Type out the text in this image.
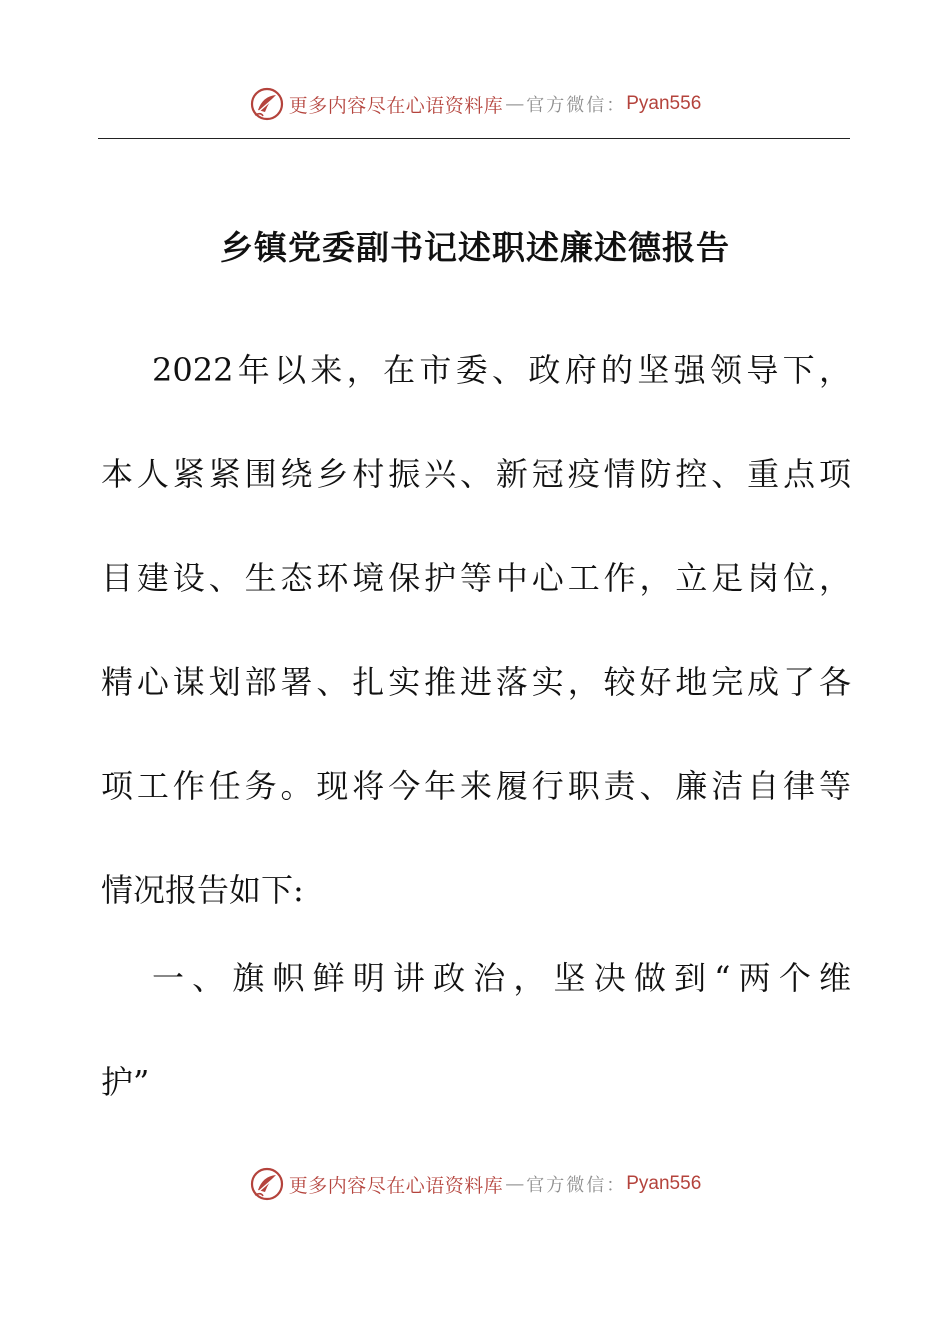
更多内容尽在心语资料库 — 官方微信： Pyan556
乡镇党委副书记述职述廉述德报告
2022年以来，在市委、政府的坚强领导下，
本人紧紧围绕乡村振兴、新冠疫情防控、重点项
目建设、生态环境保护等中心工作，立足岗位，
精心谋划部署、扎实推进落实，较好地完成了各
项工作任务。现将今年来履行职责、廉洁自律等
情况报告如下:
一、旗帜鲜明讲政治，坚决做到“两个维
护”
更多内容尽在心语资料库 — 官方微信： Pyan556
